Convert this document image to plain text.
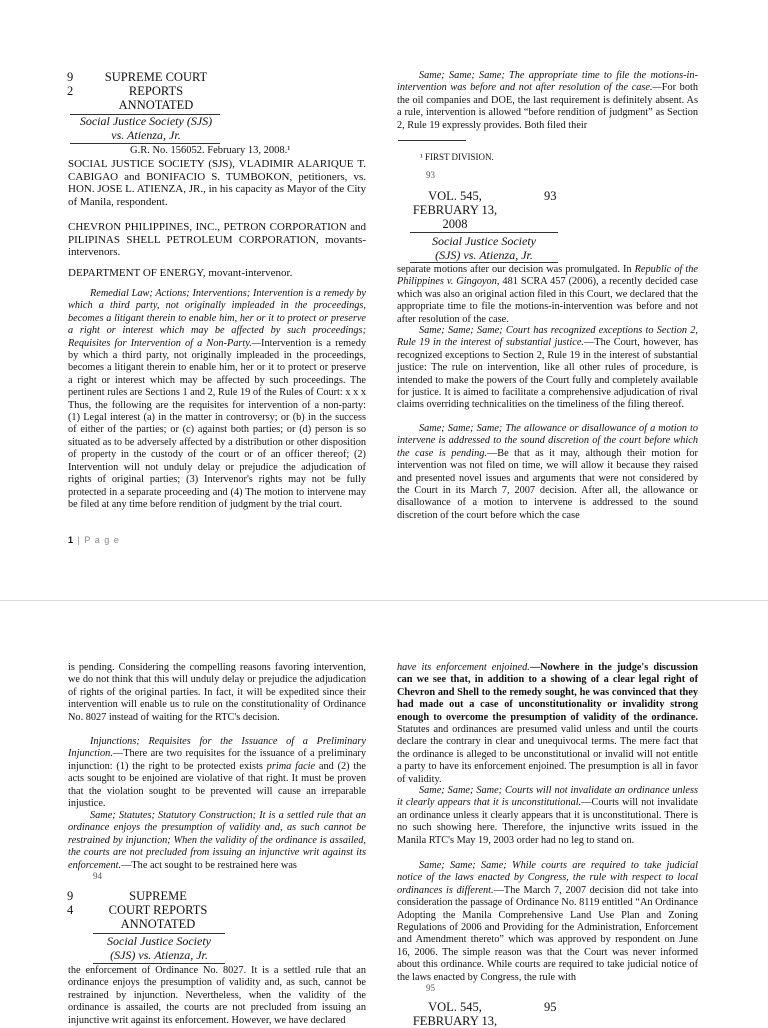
9
2
SUPREME COURT
REPORTS
ANNOTATED
Social Justice Society (SJS)
vs. Atienza, Jr.
G.R. No. 156052. February 13, 2008.¹

SOCIAL JUSTICE SOCIETY (SJS), VLADIMIR ALARIQUE T. CABIGAO and BONIFACIO S. TUMBOKON, petitioners, vs. HON. JOSE L. ATIENZA, JR., in his capacity as Mayor of the City of Manila, respondent.

CHEVRON PHILIPPINES, INC., PETRON CORPORATION and PILIPINAS SHELL PETROLEUM CORPORATION, movants-intervenors.

DEPARTMENT OF ENERGY, movant-intervenor.

Remedial Law; Actions; Interventions; Intervention is a remedy by which a third party, not originally impleaded in the proceedings, becomes a litigant therein to enable him, her or it to protect or preserve a right or interest which may be affected by such proceedings; Requisites for Intervention of a Non-Party.—Intervention is a remedy by which a third party, not originally impleaded in the proceedings, becomes a litigant therein to enable him, her or it to protect or preserve a right or interest which may be affected by such proceedings. The pertinent rules are Sections 1 and 2, Rule 19 of the Rules of Court: x x x Thus, the following are the requisites for intervention of a non-party: (1) Legal interest (a) in the matter in controversy; or (b) in the success of either of the parties; or (c) against both parties; or (d) person is so situated as to be adversely affected by a distribution or other disposition of property in the custody of the court or of an officer thereof; (2) Intervention will not unduly delay or prejudice the adjudication of rights of original parties; (3) Intervenor's rights may not be fully protected in a separate proceeding and (4) The motion to intervene may be filed at any time before rendition of judgment by the trial court.

Same; Same; Same; The appropriate time to file the motions-in-intervention was before and not after resolution of the case.—For both the oil companies and DOE, the last requirement is definitely absent. As a rule, intervention is allowed “before rendition of judgment” as Section 2, Rule 19 expressly provides. Both filed their

¹ FIRST DIVISION.
93
VOL. 545,
FEBRUARY 13,
2008
93
Social Justice Society
(SJS) vs. Atienza, Jr.

separate motions after our decision was promulgated. In Republic of the Philippines v. Gingoyon, 481 SCRA 457 (2006), a recently decided case which was also an original action filed in this Court, we declared that the appropriate time to file the motions-in-intervention was before and not after resolution of the case.

Same; Same; Same; Court has recognized exceptions to Section 2, Rule 19 in the interest of substantial justice.—The Court, however, has recognized exceptions to Section 2, Rule 19 in the interest of substantial justice: The rule on intervention, like all other rules of procedure, is intended to make the powers of the Court fully and completely available for justice. It is aimed to facilitate a comprehensive adjudication of rival claims overriding technicalities on the timeliness of the filing thereof.

Same; Same; Same; The allowance or disallowance of a motion to intervene is addressed to the sound discretion of the court before which the case is pending.—Be that as it may, although their motion for intervention was not filed on time, we will allow it because they raised and presented novel issues and arguments that were not considered by the Court in its March 7, 2007 decision. After all, the allowance or disallowance of a motion to intervene is addressed to the sound discretion of the court before which the case

1 | P a g e

is pending. Considering the compelling reasons favoring intervention, we do not think that this will unduly delay or prejudice the adjudication of rights of the original parties. In fact, it will be expedited since their intervention will enable us to rule on the constitutionality of Ordinance No. 8027 instead of waiting for the RTC's decision.

Injunctions; Requisites for the Issuance of a Preliminary Injunction.—There are two requisites for the issuance of a preliminary injunction: (1) the right to be protected exists prima facie and (2) the acts sought to be enjoined are violative of that right. It must be proven that the violation sought to be prevented will cause an irreparable injustice.

Same; Statutes; Statutory Construction; It is a settled rule that an ordinance enjoys the presumption of validity and, as such cannot be restrained by injunction; When the validity of the ordinance is assailed, the courts are not precluded from issuing an injunctive writ against its enforcement.—The act sought to be restrained here was

94
9
4
SUPREME
COURT REPORTS
ANNOTATED
Social Justice Society
(SJS) vs. Atienza, Jr.

the enforcement of Ordinance No. 8027. It is a settled rule that an ordinance enjoys the presumption of validity and, as such, cannot be restrained by injunction. Nevertheless, when the validity of the ordinance is assailed, the courts are not precluded from issuing an injunctive writ against its enforcement. However, we have declared

have its enforcement enjoined.—Nowhere in the judge's discussion can we see that, in addition to a showing of a clear legal right of Chevron and Shell to the remedy sought, he was convinced that they had made out a case of unconstitutionality or invalidity strong enough to overcome the presumption of validity of the ordinance. Statutes and ordinances are presumed valid unless and until the courts declare the contrary in clear and unequivocal terms. The mere fact that the ordinance is alleged to be unconstitutional or invalid will not entitle a party to have its enforcement enjoined. The presumption is all in favor of validity.

Same; Same; Same; Courts will not invalidate an ordinance unless it clearly appears that it is unconstitutional.—Courts will not invalidate an ordinance unless it clearly appears that it is unconstitutional. There is no such showing here. Therefore, the injunctive writs issued in the Manila RTC's May 19, 2003 order had no leg to stand on.

Same; Same; Same; While courts are required to take judicial notice of the laws enacted by Congress, the rule with respect to local ordinances is different.—The March 7, 2007 decision did not take into consideration the passage of Ordinance No. 8119 entitled “An Ordinance Adopting the Manila Comprehensive Land Use Plan and Zoning Regulations of 2006 and Providing for the Administration, Enforcement and Amendment thereto” which was approved by respondent on June 16, 2006. The simple reason was that the Court was never informed about this ordinance. While courts are required to take judicial notice of the laws enacted by Congress, the rule with

95
VOL. 545,
FEBRUARY 13,
95
